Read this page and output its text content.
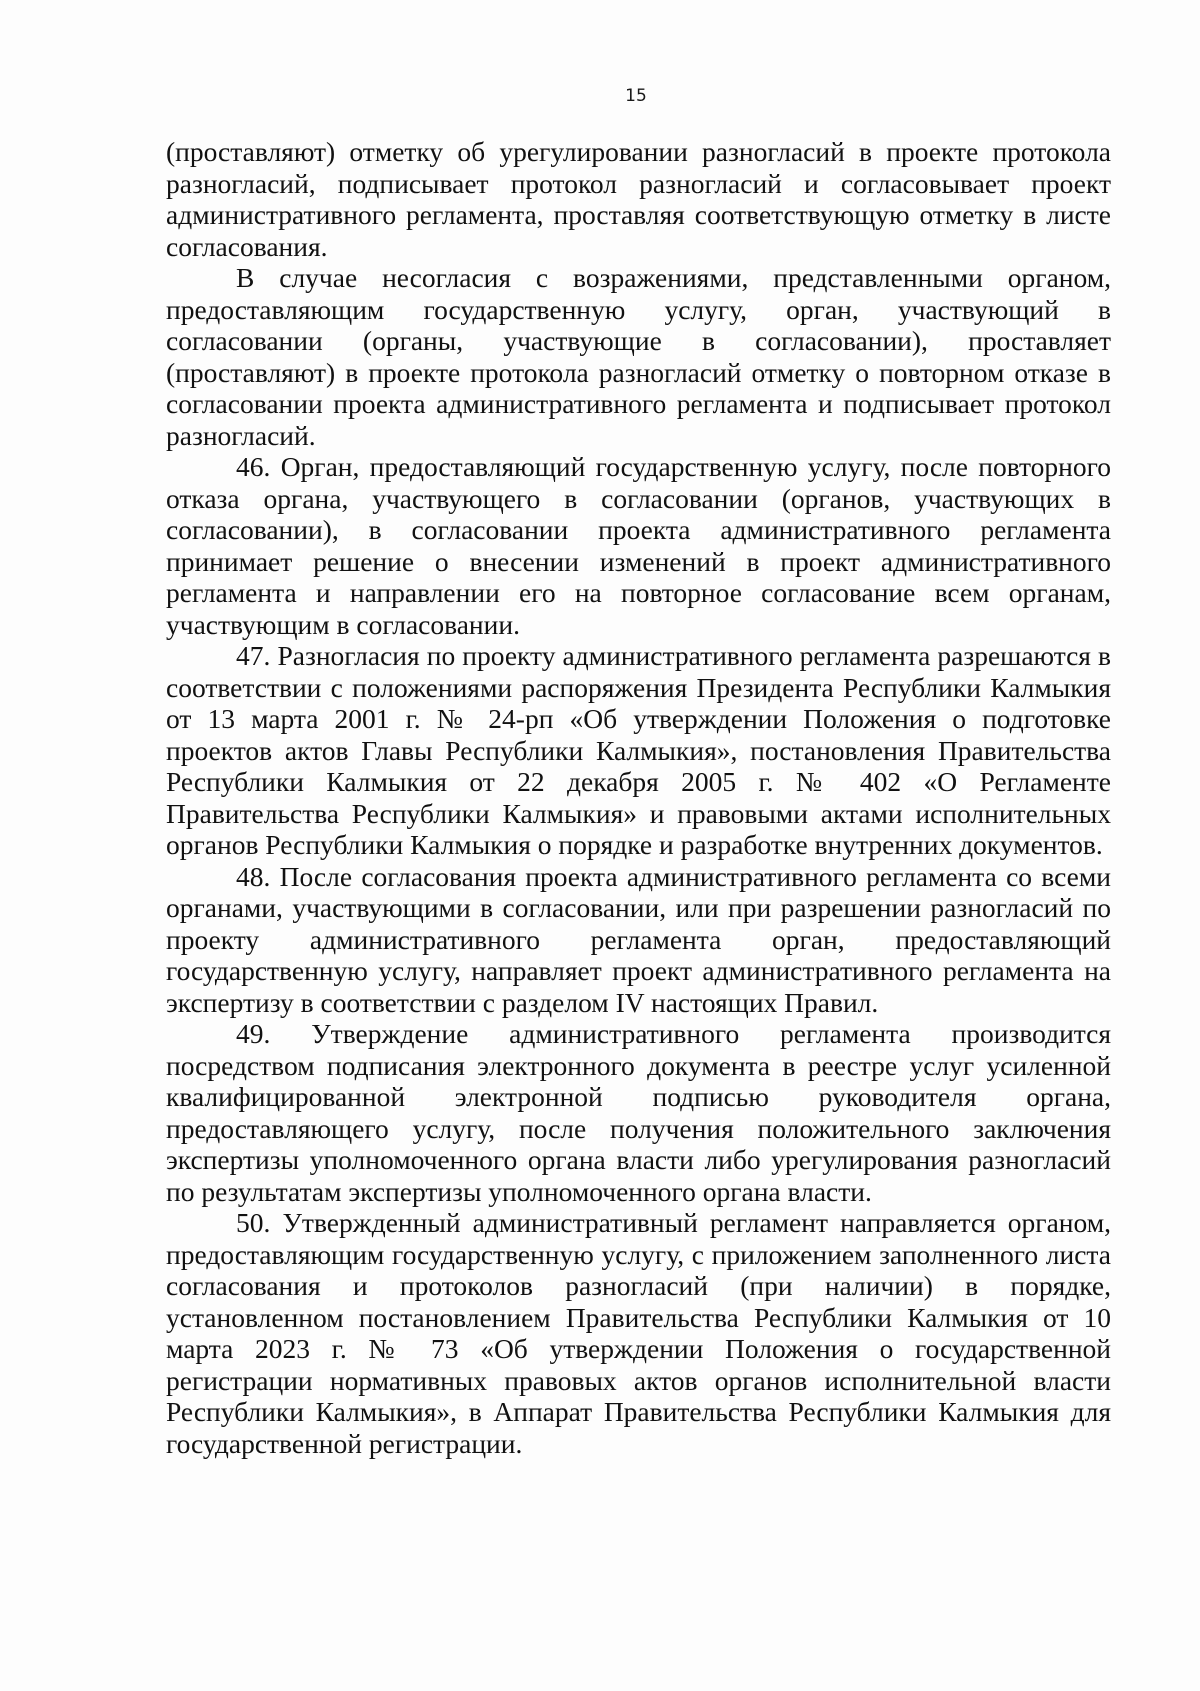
15

(проставляют) отметку об урегулировании разногласий в проекте протокола разногласий, подписывает протокол разногласий и согласовывает проект административного регламента, проставляя соответствующую отметку в листе согласования.

В случае несогласия с возражениями, представленными органом, предоставляющим государственную услугу, орган, участвующий в согласовании (органы, участвующие в согласовании), проставляет (проставляют) в проекте протокола разногласий отметку о повторном отказе в согласовании проекта административного регламента и подписывает протокол разногласий.

46. Орган, предоставляющий государственную услугу, после повторного отказа органа, участвующего в согласовании (органов, участвующих в согласовании), в согласовании проекта административного регламента принимает решение о внесении изменений в проект административного регламента и направлении его на повторное согласование всем органам, участвующим в согласовании.

47. Разногласия по проекту административного регламента разрешаются в соответствии с положениями распоряжения Президента Республики Калмыкия от 13 марта 2001 г. № 24-рп «Об утверждении Положения о подготовке проектов актов Главы Республики Калмыкия», постановления Правительства Республики Калмыкия от 22 декабря 2005 г. № 402 «О Регламенте Правительства Республики Калмыкия» и правовыми актами исполнительных органов Республики Калмыкия о порядке и разработке внутренних документов.

48. После согласования проекта административного регламента со всеми органами, участвующими в согласовании, или при разрешении разногласий по проекту административного регламента орган, предоставляющий государственную услугу, направляет проект административного регламента на экспертизу в соответствии с разделом IV настоящих Правил.

49. Утверждение административного регламента производится посредством подписания электронного документа в реестре услуг усиленной квалифицированной электронной подписью руководителя органа, предоставляющего услугу, после получения положительного заключения экспертизы уполномоченного органа власти либо урегулирования разногласий по результатам экспертизы уполномоченного органа власти.

50. Утвержденный административный регламент направляется органом, предоставляющим государственную услугу, с приложением заполненного листа согласования и протоколов разногласий (при наличии) в порядке, установленном постановлением Правительства Республики Калмыкия от 10 марта 2023 г. № 73 «Об утверждении Положения о государственной регистрации нормативных правовых актов органов исполнительной власти Республики Калмыкия», в Аппарат Правительства Республики Калмыкия для государственной регистрации.
